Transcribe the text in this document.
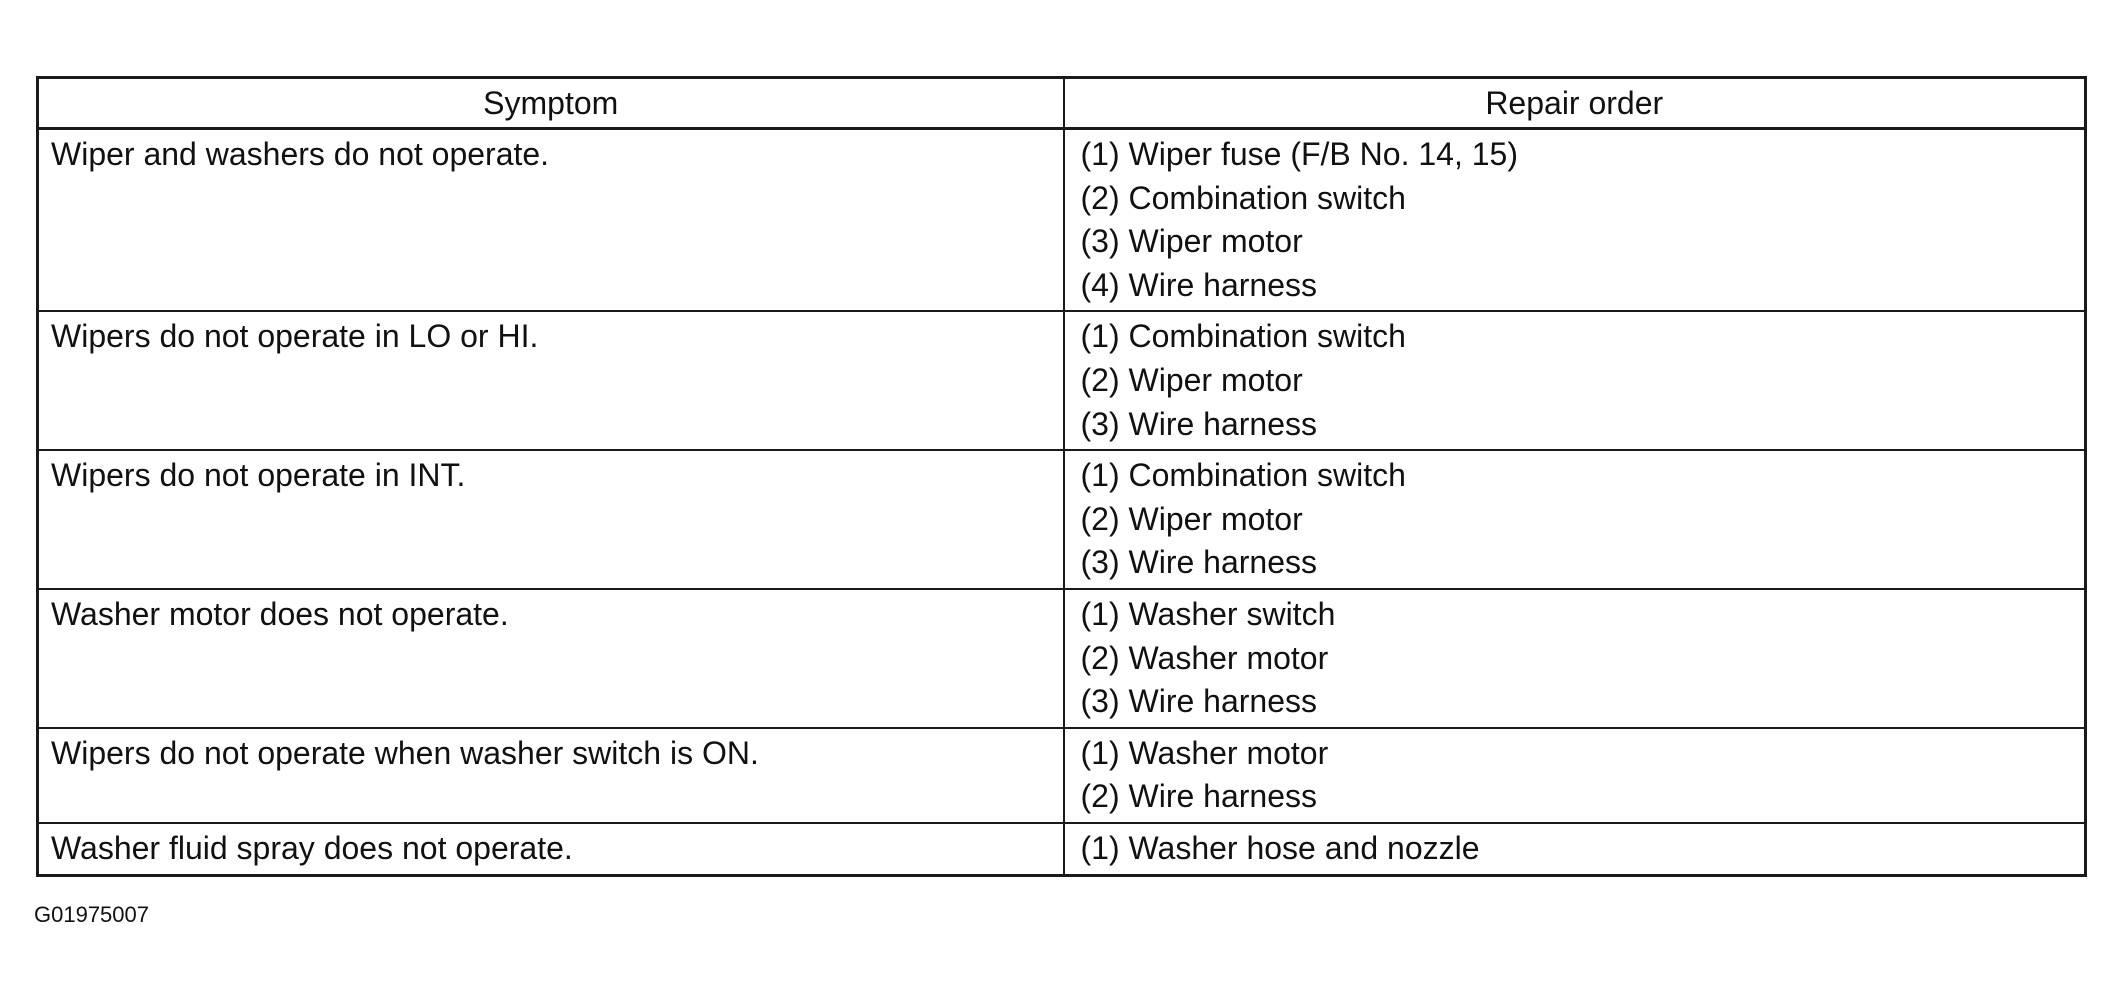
Symptom	Repair order
Wiper and washers do not operate.	(1) Wiper fuse (F/B No. 14, 15)
(2) Combination switch
(3) Wiper motor
(4) Wire harness

Wipers do not operate in LO or HI.	(1) Combination switch
(2) Wiper motor
(3) Wire harness

Wipers do not operate in INT.	(1) Combination switch
(2) Wiper motor
(3) Wire harness

Washer motor does not operate.	(1) Washer switch
(2) Washer motor
(3) Wire harness

Wipers do not operate when washer switch is ON.	(1) Washer motor
(2) Wire harness

Washer fluid spray does not operate.	(1) Washer hose and nozzle
G01975007
